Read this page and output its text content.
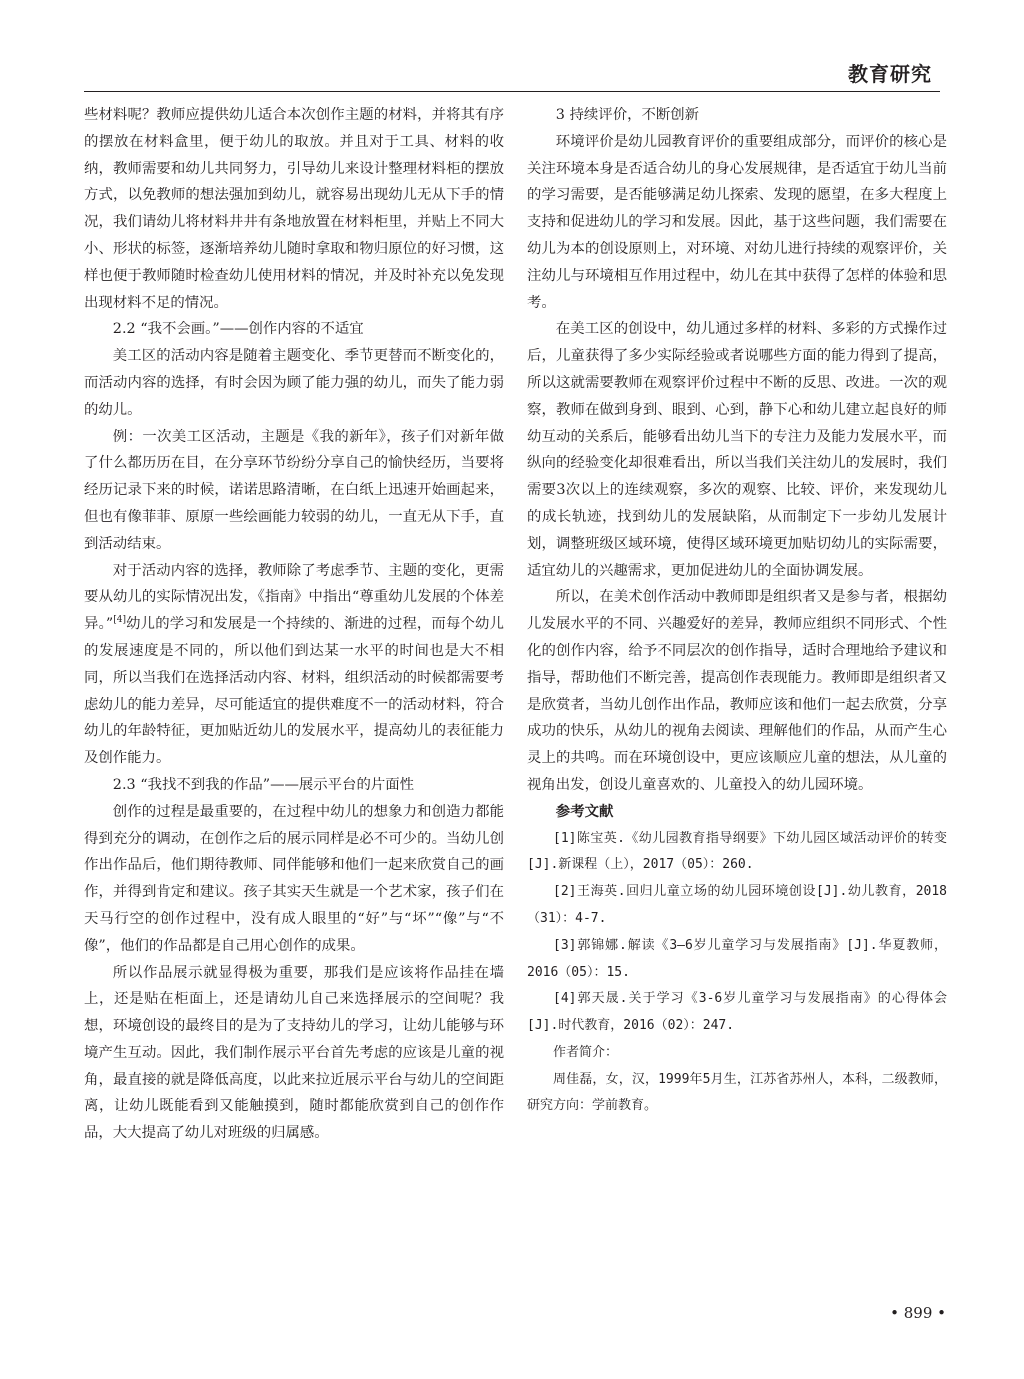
教育研究

些材料呢？教师应提供幼儿适合本次创作主题的材料，并将其有序的摆放在材料盒里，便于幼儿的取放。并且对于工具、材料的收纳，教师需要和幼儿共同努力，引导幼儿来设计整理材料柜的摆放方式，以免教师的想法强加到幼儿，就容易出现幼儿无从下手的情况，我们请幼儿将材料井井有条地放置在材料柜里，并贴上不同大小、形状的标签，逐渐培养幼儿随时拿取和物归原位的好习惯，这样也便于教师随时检查幼儿使用材料的情况，并及时补充以免发现出现材料不足的情况。

2.2 “我不会画。”——创作内容的不适宜

美工区的活动内容是随着主题变化、季节更替而不断变化的，而活动内容的选择，有时会因为顾了能力强的幼儿，而失了能力弱的幼儿。

例：一次美工区活动，主题是《我的新年》，孩子们对新年做了什么都历历在目，在分享环节纷纷分享自己的愉快经历，当要将经历记录下来的时候，诺诺思路清晰，在白纸上迅速开始画起来，但也有像菲菲、原原一些绘画能力较弱的幼儿，一直无从下手，直到活动结束。

对于活动内容的选择，教师除了考虑季节、主题的变化，更需要从幼儿的实际情况出发，《指南》中指出“尊重幼儿发展的个体差异。”[4]幼儿的学习和发展是一个持续的、渐进的过程，而每个幼儿的发展速度是不同的，所以他们到达某一水平的时间也是大不相同，所以当我们在选择活动内容、材料，组织活动的时候都需要考虑幼儿的能力差异，尽可能适宜的提供难度不一的活动材料，符合幼儿的年龄特征，更加贴近幼儿的发展水平，提高幼儿的表征能力及创作能力。

2.3 “我找不到我的作品”——展示平台的片面性

创作的过程是最重要的，在过程中幼儿的想象力和创造力都能得到充分的调动，在创作之后的展示同样是必不可少的。当幼儿创作出作品后，他们期待教师、同伴能够和他们一起来欣赏自己的画作，并得到肯定和建议。孩子其实天生就是一个艺术家，孩子们在天马行空的创作过程中，没有成人眼里的“好”与“坏”“像”与“不像”，他们的作品都是自己用心创作的成果。

所以作品展示就显得极为重要，那我们是应该将作品挂在墙上，还是贴在柜面上，还是请幼儿自己来选择展示的空间呢？我想，环境创设的最终目的是为了支持幼儿的学习，让幼儿能够与环境产生互动。因此，我们制作展示平台首先考虑的应该是儿童的视角，最直接的就是降低高度，以此来拉近展示平台与幼儿的空间距离，让幼儿既能看到又能触摸到，随时都能欣赏到自己的创作作品，大大提高了幼儿对班级的归属感。

3 持续评价，不断创新

环境评价是幼儿园教育评价的重要组成部分，而评价的核心是关注环境本身是否适合幼儿的身心发展规律，是否适宜于幼儿当前的学习需要，是否能够满足幼儿探索、发现的愿望，在多大程度上支持和促进幼儿的学习和发展。因此，基于这些问题，我们需要在幼儿为本的创设原则上，对环境、对幼儿进行持续的观察评价，关注幼儿与环境相互作用过程中，幼儿在其中获得了怎样的体验和思考。

在美工区的创设中，幼儿通过多样的材料、多彩的方式操作过后，儿童获得了多少实际经验或者说哪些方面的能力得到了提高，所以这就需要教师在观察评价过程中不断的反思、改进。一次的观察，教师在做到身到、眼到、心到，静下心和幼儿建立起良好的师幼互动的关系后，能够看出幼儿当下的专注力及能力发展水平，而纵向的经验变化却很难看出，所以当我们关注幼儿的发展时，我们需要3次以上的连续观察，多次的观察、比较、评价，来发现幼儿的成长轨迹，找到幼儿的发展缺陷，从而制定下一步幼儿发展计划，调整班级区域环境，使得区域环境更加贴切幼儿的实际需要，适宜幼儿的兴趣需求，更加促进幼儿的全面协调发展。

所以，在美术创作活动中教师即是组织者又是参与者，根据幼儿发展水平的不同、兴趣爱好的差异，教师应组织不同形式、个性化的创作内容，给予不同层次的创作指导，适时合理地给予建议和指导，帮助他们不断完善，提高创作表现能力。教师即是组织者又是欣赏者，当幼儿创作出作品，教师应该和他们一起去欣赏，分享成功的快乐，从幼儿的视角去阅读、理解他们的作品，从而产生心灵上的共鸣。而在环境创设中，更应该顺应儿童的想法，从儿童的视角出发，创设儿童喜欢的、儿童投入的幼儿园环境。

参考文献

[1]陈宝英.《幼儿园教育指导纲要》下幼儿园区域活动评价的转变[J].新课程（上），2017（05）：260.

[2]王海英.回归儿童立场的幼儿园环境创设[J].幼儿教育，2018（31）：4-7.

[3]郭锦娜.解读《3—6岁儿童学习与发展指南》[J].华夏教师，2016（05）：15.

[4]郭天晟.关于学习《3-6岁儿童学习与发展指南》的心得体会[J].时代教育，2016（02）：247.

作者简介：

周佳磊，女，汉，1999年5月生，江苏省苏州人，本科，二级教师，研究方向：学前教育。

• 899 •
